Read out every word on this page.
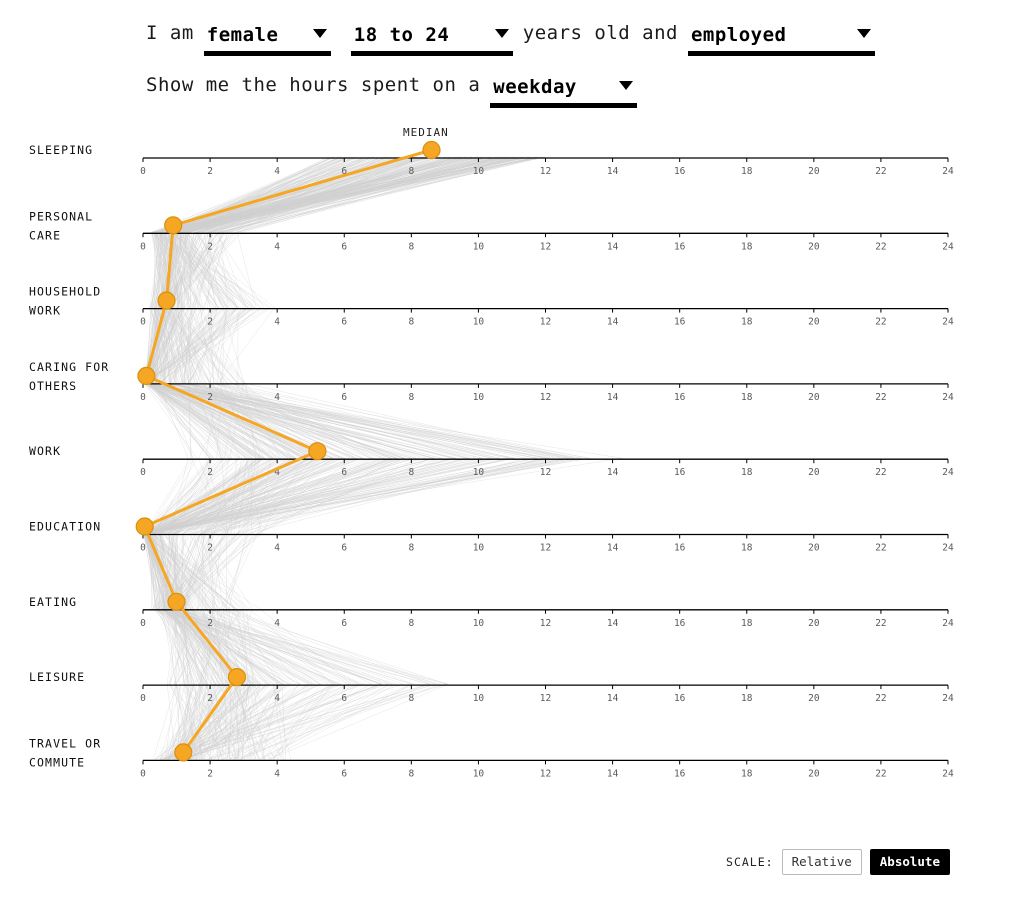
I am female	18 to 24	years old and employed
Show me the hours spent on a weekday
MEDIAN
0	2	4	6	8	10	12	14	16	18	20	22	24
SLEEPING
0	2	4	6	8	10	12	14	16	18	20	22	24
PERSONAL
CARE
0	2	4	6	8	10	12	14	16	18	20	22	24
HOUSEHOLD
WORK
0	2	4	6	8	10	12	14	16	18	20	22	24
CARING FOR
OTHERS
0	2	4	6	8	10	12	14	16	18	20	22	24
WORK
0	2	4	6	8	10	12	14	16	18	20	22	24
EDUCATION
0	2	4	6	8	10	12	14	16	18	20	22	24
EATING
0	2	4	6	8	10	12	14	16	18	20	22	24
LEISURE
0	2	4	6	8	10	12	14	16	18	20	22	24
TRAVEL OR
COMMUTE
SCALE:	Relative	Absolute
